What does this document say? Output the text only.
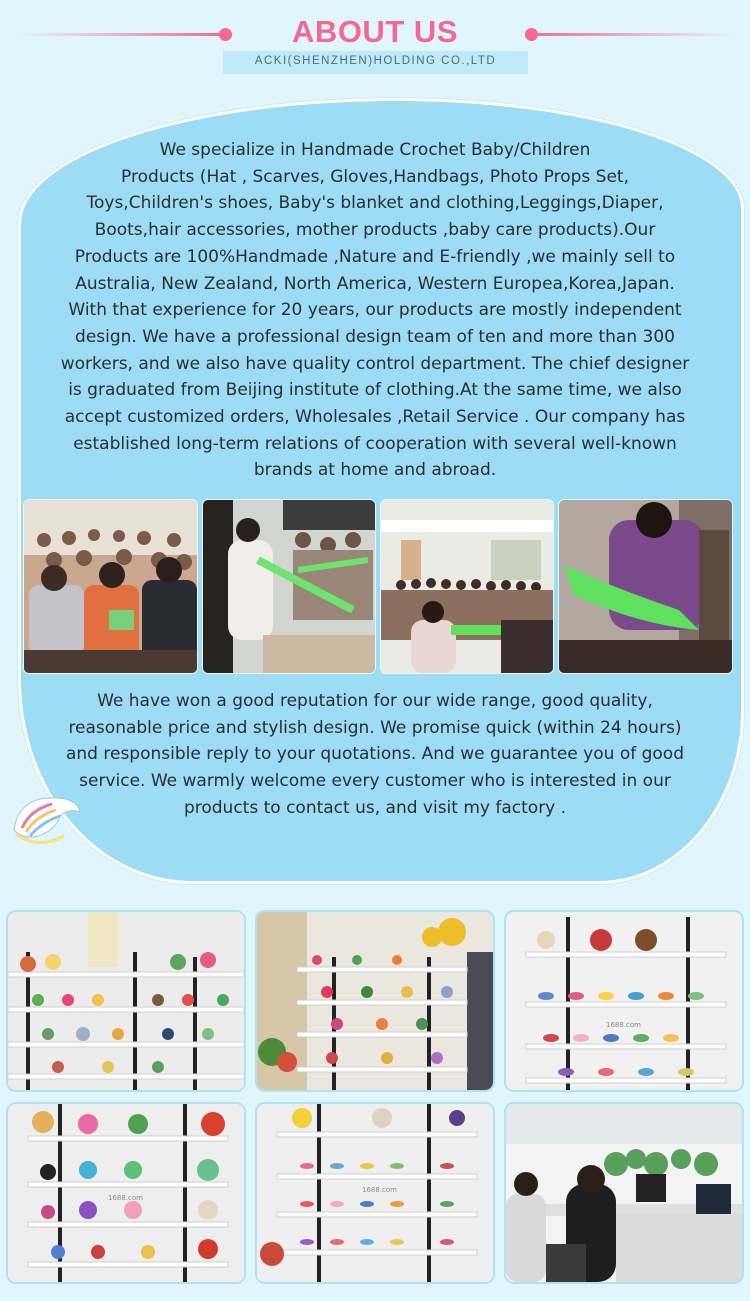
ABOUT US
ACKI(SHENZHEN)HOLDING CO.,LTD
We specialize in Handmade Crochet Baby/Children
Products (Hat , Scarves, Gloves,Handbags, Photo Props Set,
Toys,Children's shoes, Baby's blanket and clothing,Leggings,Diaper,
Boots,hair accessories, mother products ,baby care products).Our
Products are 100%Handmade ,Nature and E-friendly ,we mainly sell to
Australia, New Zealand, North America, Western Europea,Korea,Japan.
With that experience for 20 years, our products are mostly independent
design. We have a professional design team of ten and more than 300
workers, and we also have quality control department. The chief designer
is graduated from Beijing institute of clothing.At the same time, we also
accept customized orders, Wholesales ,Retail Service . Our company has
established long-term relations of cooperation with several well-known
brands at home and abroad.
We have won a good reputation for our wide range, good quality,
reasonable price and stylish design. We promise quick (within 24 hours)
and responsible reply to your quotations. And we guarantee you of good
service. We warmly welcome every customer who is interested in our
products to contact us, and visit my factory .
1688.com
1688.com
1688.com
